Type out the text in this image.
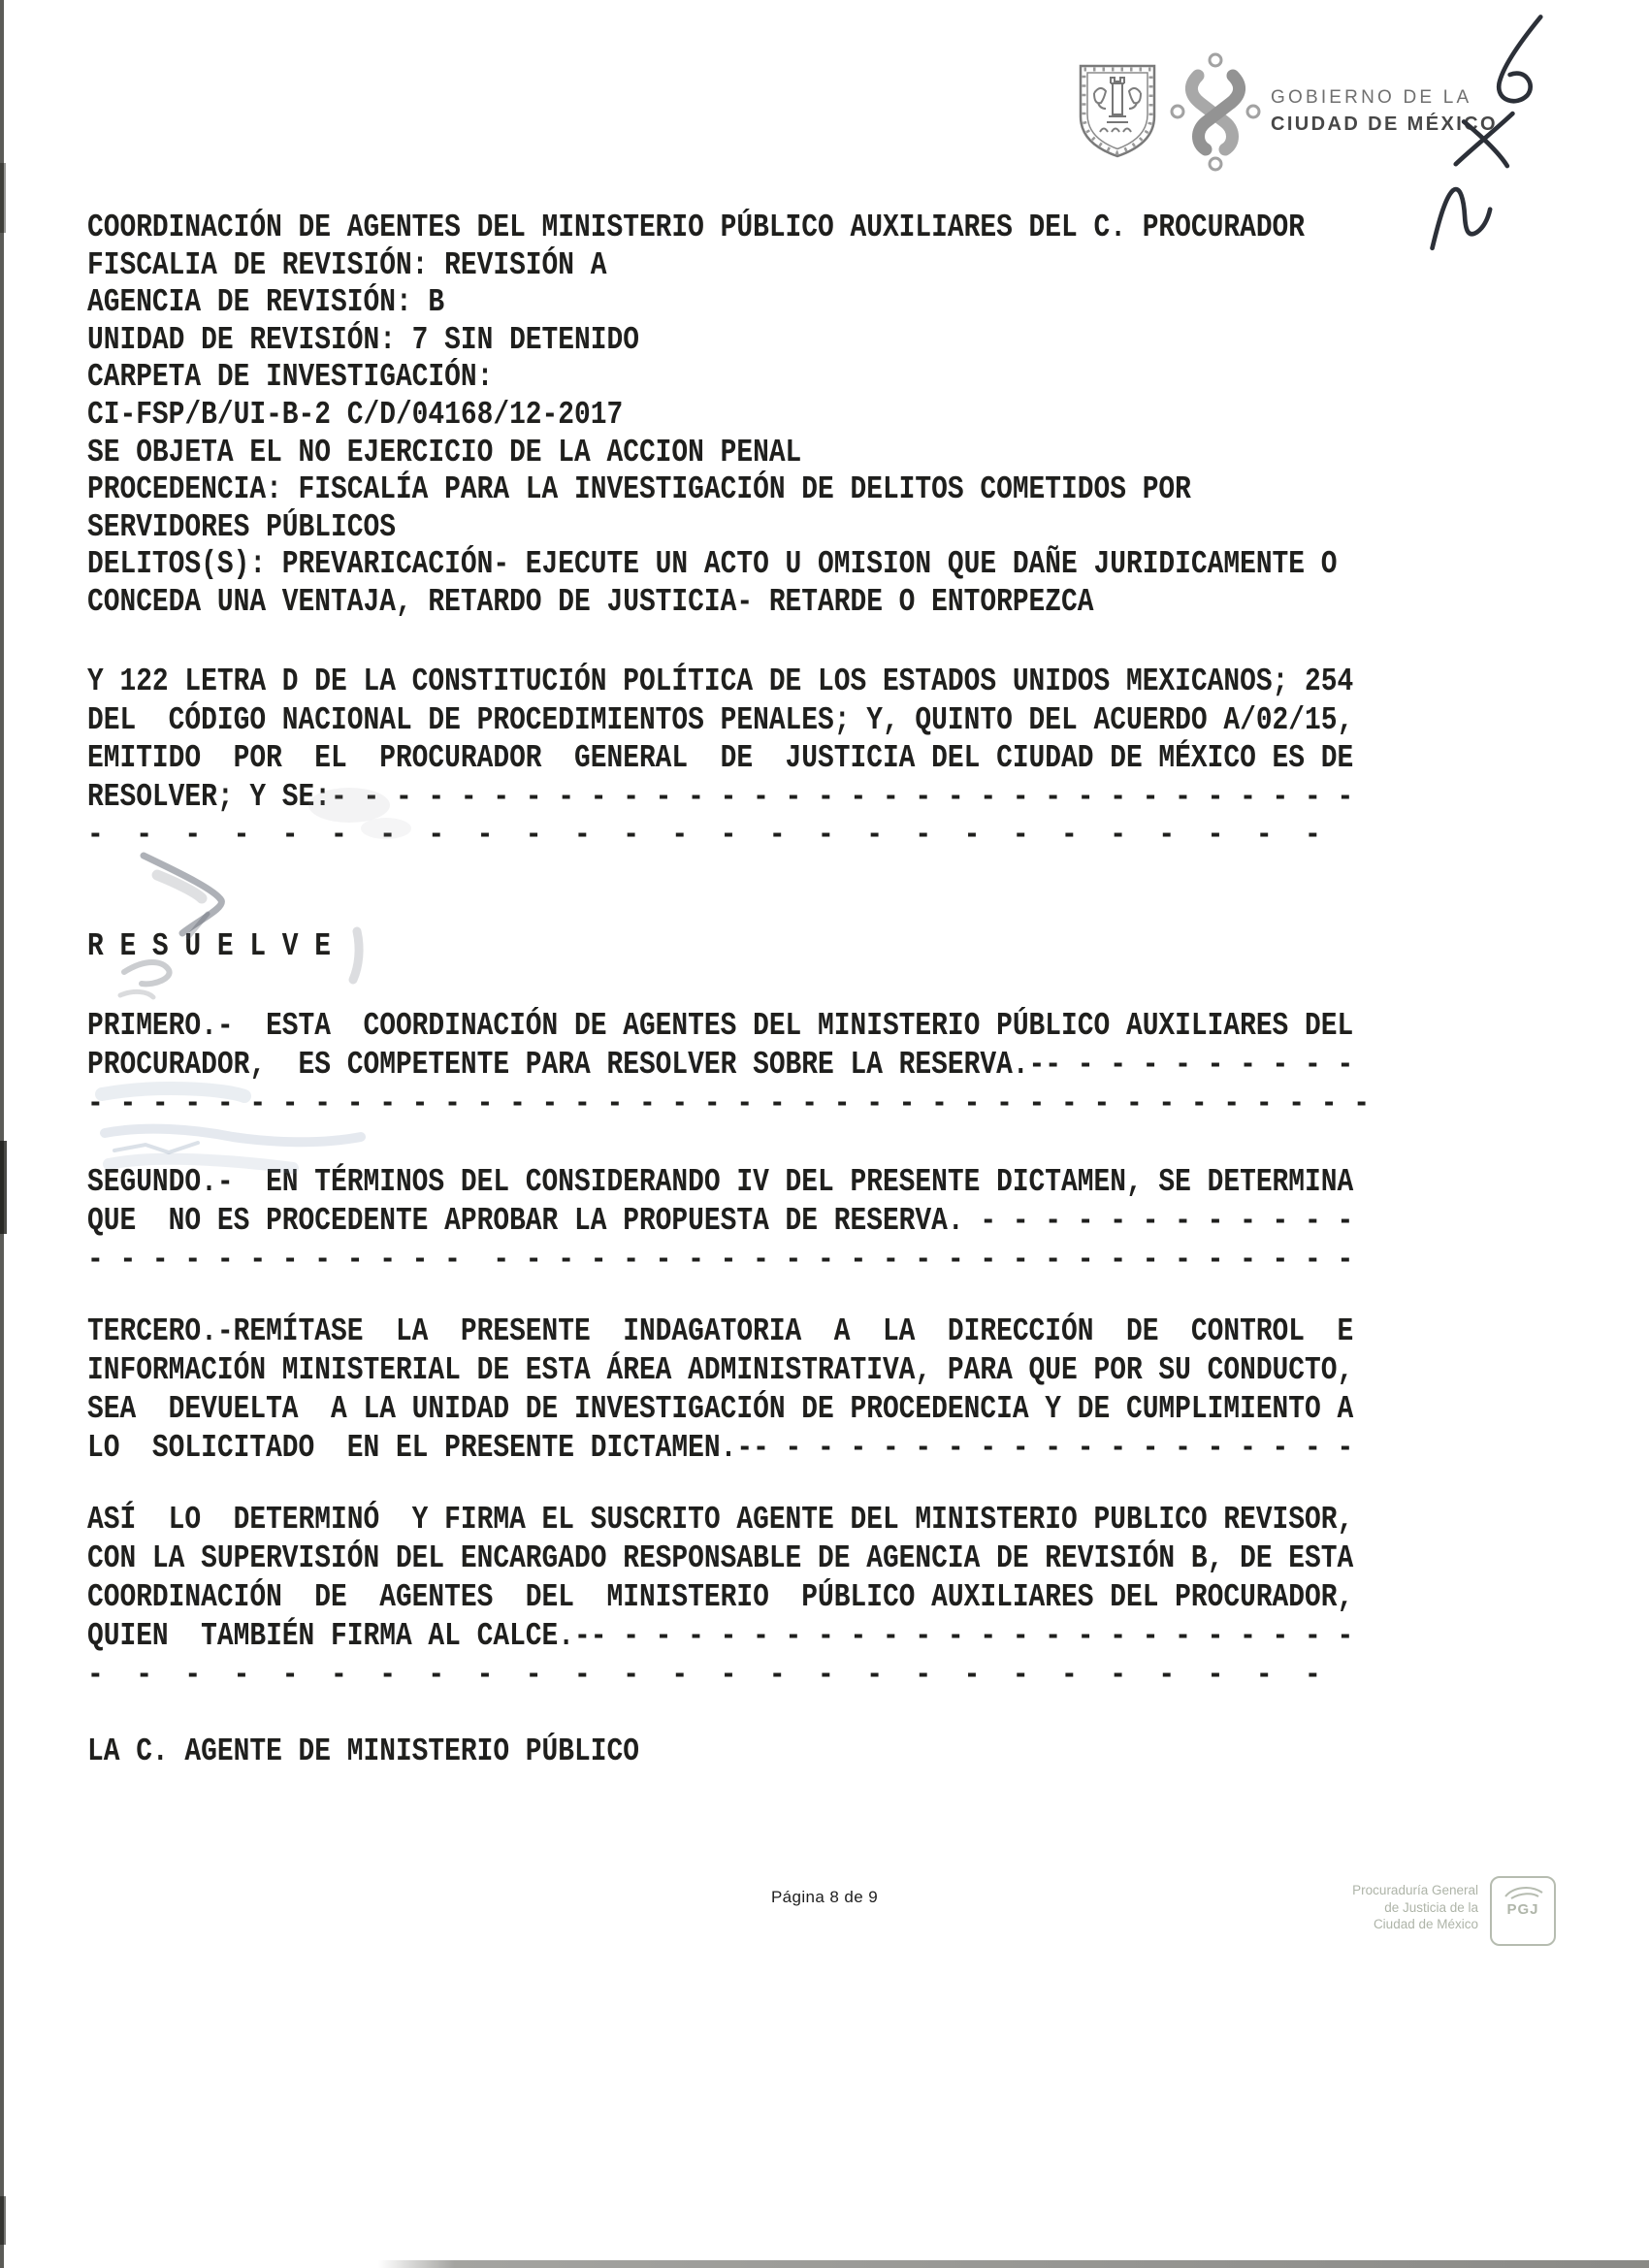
GOBIERNO DE LA
CIUDAD DE MÉXICO
COORDINACIÓN DE AGENTES DEL MINISTERIO PÚBLICO AUXILIARES DEL C. PROCURADOR
FISCALIA DE REVISIÓN: REVISIÓN A
AGENCIA DE REVISIÓN: B
UNIDAD DE REVISIÓN: 7 SIN DETENIDO
CARPETA DE INVESTIGACIÓN:
CI-FSP/B/UI-B-2 C/D/04168/12-2017
SE OBJETA EL NO EJERCICIO DE LA ACCION PENAL
PROCEDENCIA: FISCALÍA PARA LA INVESTIGACIÓN DE DELITOS COMETIDOS POR
SERVIDORES PÚBLICOS
DELITOS(S): PREVARICACIÓN- EJECUTE UN ACTO U OMISION QUE DAÑE JURIDICAMENTE O
CONCEDA UNA VENTAJA, RETARDO DE JUSTICIA- RETARDE O ENTORPEZCA
Y 122 LETRA D DE LA CONSTITUCIÓN POLÍTICA DE LOS ESTADOS UNIDOS MEXICANOS; 254
DEL  CÓDIGO NACIONAL DE PROCEDIMIENTOS PENALES; Y, QUINTO DEL ACUERDO A/02/15,
EMITIDO  POR  EL  PROCURADOR  GENERAL  DE  JUSTICIA DEL CIUDAD DE MÉXICO ES DE
RESOLVER; Y SE:- - - - - - - - - - - - - - - - - - - - - - - - - - - - - - - -
-  -  -  -  -  -  -  -  -  -  -  -  -  -  -  -  -  -  -  -  -  -  -  -  -  -
R E S U E L V E
PRIMERO.-  ESTA  COORDINACIÓN DE AGENTES DEL MINISTERIO PÚBLICO AUXILIARES DEL
PROCURADOR,  ES COMPETENTE PARA RESOLVER SOBRE LA RESERVA.-- - - - - - - - - -
- - - - - - - - - - - - - - - - - - - - - - - - - - - - - - - - - - - - - - - -
SEGUNDO.-  EN TÉRMINOS DEL CONSIDERANDO IV DEL PRESENTE DICTAMEN, SE DETERMINA
QUE  NO ES PROCEDENTE APROBAR LA PROPUESTA DE RESERVA. - - - - - - - - - - - -
- - - - - - - - - - - -  - - - - - - - - - - - - - - - - - - - - - - - - - - -
TERCERO.-REMÍTASE  LA  PRESENTE  INDAGATORIA  A  LA  DIRECCIÓN  DE  CONTROL  E
INFORMACIÓN MINISTERIAL DE ESTA ÁREA ADMINISTRATIVA, PARA QUE POR SU CONDUCTO,
SEA  DEVUELTA  A LA UNIDAD DE INVESTIGACIÓN DE PROCEDENCIA Y DE CUMPLIMIENTO A
LO  SOLICITADO  EN EL PRESENTE DICTAMEN.-- - - - - - - - - - - - - - - - - - -
ASÍ  LO  DETERMINÓ  Y FIRMA EL SUSCRITO AGENTE DEL MINISTERIO PUBLICO REVISOR,
CON LA SUPERVISIÓN DEL ENCARGADO RESPONSABLE DE AGENCIA DE REVISIÓN B, DE ESTA
COORDINACIÓN  DE  AGENTES  DEL  MINISTERIO  PÚBLICO AUXILIARES DEL PROCURADOR,
QUIEN  TAMBIÉN FIRMA AL CALCE.-- - - - - - - - - - - - - - - - - - - - - - - -
-  -  -  -  -  -  -  -  -  -  -  -  -  -  -  -  -  -  -  -  -  -  -  -  -  -
LA C. AGENTE DE MINISTERIO PÚBLICO
Página 8 de 9	Procuraduría General
de Justicia de la
Ciudad de México
PGJ
